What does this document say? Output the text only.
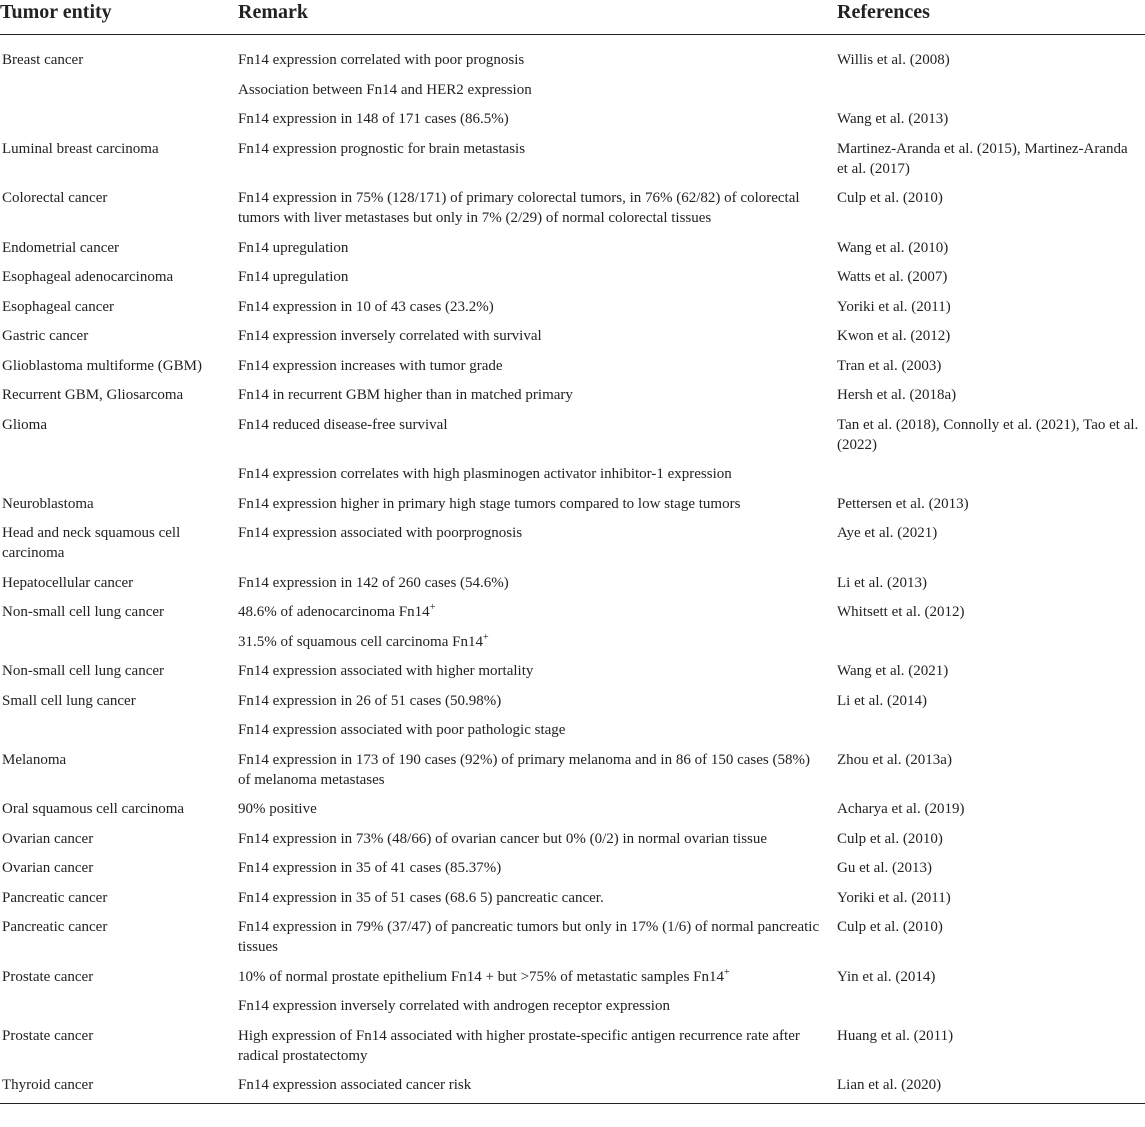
Tumor entity	Remark	References
Breast cancer	Fn14 expression correlated with poor prognosis	Willis et al. (2008)
	Association between Fn14 and HER2 expression	
	Fn14 expression in 148 of 171 cases (86.5%)	Wang et al. (2013)
Luminal breast carcinoma	Fn14 expression prognostic for brain metastasis	Martinez-Aranda et al. (2015), Martinez-Aranda et al. (2017)
Colorectal cancer	Fn14 expression in 75% (128/171) of primary colorectal tumors, in 76% (62/82) of colorectal tumors with liver metastases but only in 7% (2/29) of normal colorectal tissues	Culp et al. (2010)
Endometrial cancer	Fn14 upregulation	Wang et al. (2010)
Esophageal adenocarcinoma	Fn14 upregulation	Watts et al. (2007)
Esophageal cancer	Fn14 expression in 10 of 43 cases (23.2%)	Yoriki et al. (2011)
Gastric cancer	Fn14 expression inversely correlated with survival	Kwon et al. (2012)
Glioblastoma multiforme (GBM)	Fn14 expression increases with tumor grade	Tran et al. (2003)
Recurrent GBM, Gliosarcoma	Fn14 in recurrent GBM higher than in matched primary	Hersh et al. (2018a)
Glioma	Fn14 reduced disease-free survival	Tan et al. (2018), Connolly et al. (2021), Tao et al. (2022)
	Fn14 expression correlates with high plasminogen activator inhibitor-1 expression	
Neuroblastoma	Fn14 expression higher in primary high stage tumors compared to low stage tumors	Pettersen et al. (2013)
Head and neck squamous cell carcinoma	Fn14 expression associated with poorprognosis	Aye et al. (2021)
Hepatocellular cancer	Fn14 expression in 142 of 260 cases (54.6%)	Li et al. (2013)
Non-small cell lung cancer	48.6% of adenocarcinoma Fn14+	Whitsett et al. (2012)
	31.5% of squamous cell carcinoma Fn14+	
Non-small cell lung cancer	Fn14 expression associated with higher mortality	Wang et al. (2021)
Small cell lung cancer	Fn14 expression in 26 of 51 cases (50.98%)	Li et al. (2014)
	Fn14 expression associated with poor pathologic stage	
Melanoma	Fn14 expression in 173 of 190 cases (92%) of primary melanoma and in 86 of 150 cases (58%) of melanoma metastases	Zhou et al. (2013a)
Oral squamous cell carcinoma	90% positive	Acharya et al. (2019)
Ovarian cancer	Fn14 expression in 73% (48/66) of ovarian cancer but 0% (0/2) in normal ovarian tissue	Culp et al. (2010)
Ovarian cancer	Fn14 expression in 35 of 41 cases (85.37%)	Gu et al. (2013)
Pancreatic cancer	Fn14 expression in 35 of 51 cases (68.6 5) pancreatic cancer.	Yoriki et al. (2011)
Pancreatic cancer	Fn14 expression in 79% (37/47) of pancreatic tumors but only in 17% (1/6) of normal pancreatic tissues	Culp et al. (2010)
Prostate cancer	10% of normal prostate epithelium Fn14 + but >75% of metastatic samples Fn14+	Yin et al. (2014)
	Fn14 expression inversely correlated with androgen receptor expression	
Prostate cancer	High expression of Fn14 associated with higher prostate-specific antigen recurrence rate after radical prostatectomy	Huang et al. (2011)
Thyroid cancer	Fn14 expression associated cancer risk	Lian et al. (2020)
